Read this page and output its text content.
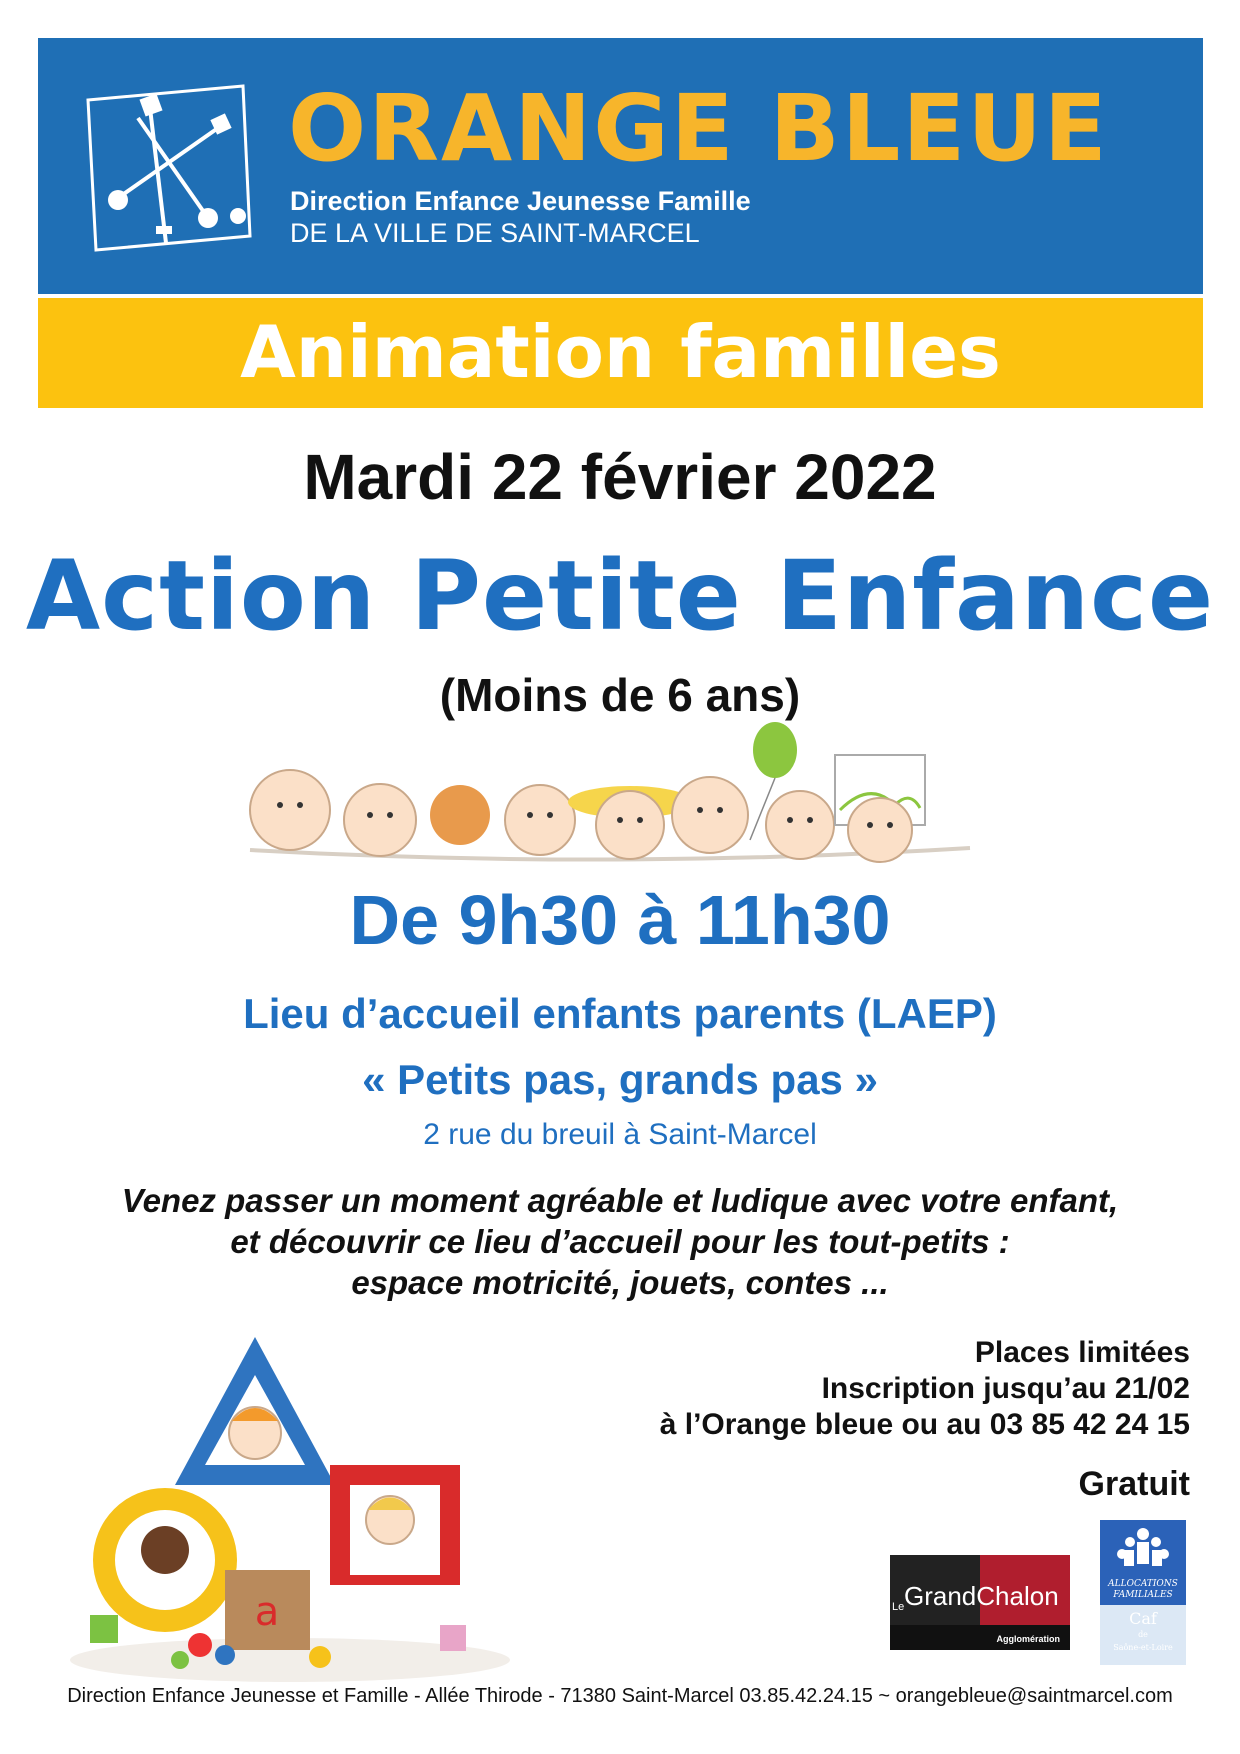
ORANGE BLEUE
Direction Enfance Jeunesse Famille
DE LA VILLE DE SAINT-MARCEL
Animation familles
Mardi 22 février 2022
Action Petite Enfance
(Moins de 6 ans)
De 9h30 à 11h30
Lieu d’accueil enfants parents (LAEP)
« Petits pas, grands pas »
2 rue du breuil à Saint-Marcel
Venez passer un moment agréable et ludique avec votre enfant,
et découvrir ce lieu d’accueil pour les tout-petits :
espace motricité, jouets, contes ...
a
Places limitées
Inscription jusqu’au 21/02
à l’Orange bleue ou au 03 85 42 24 15
Gratuit
Le GrandChalon
Agglomération
ALLOCATIONS
FAMILIALES
Caf
de
Saône-et-Loire
Direction Enfance Jeunesse et Famille - Allée Thirode - 71380 Saint-Marcel 03.85.42.24.15 ~ orangebleue@saintmarcel.com
